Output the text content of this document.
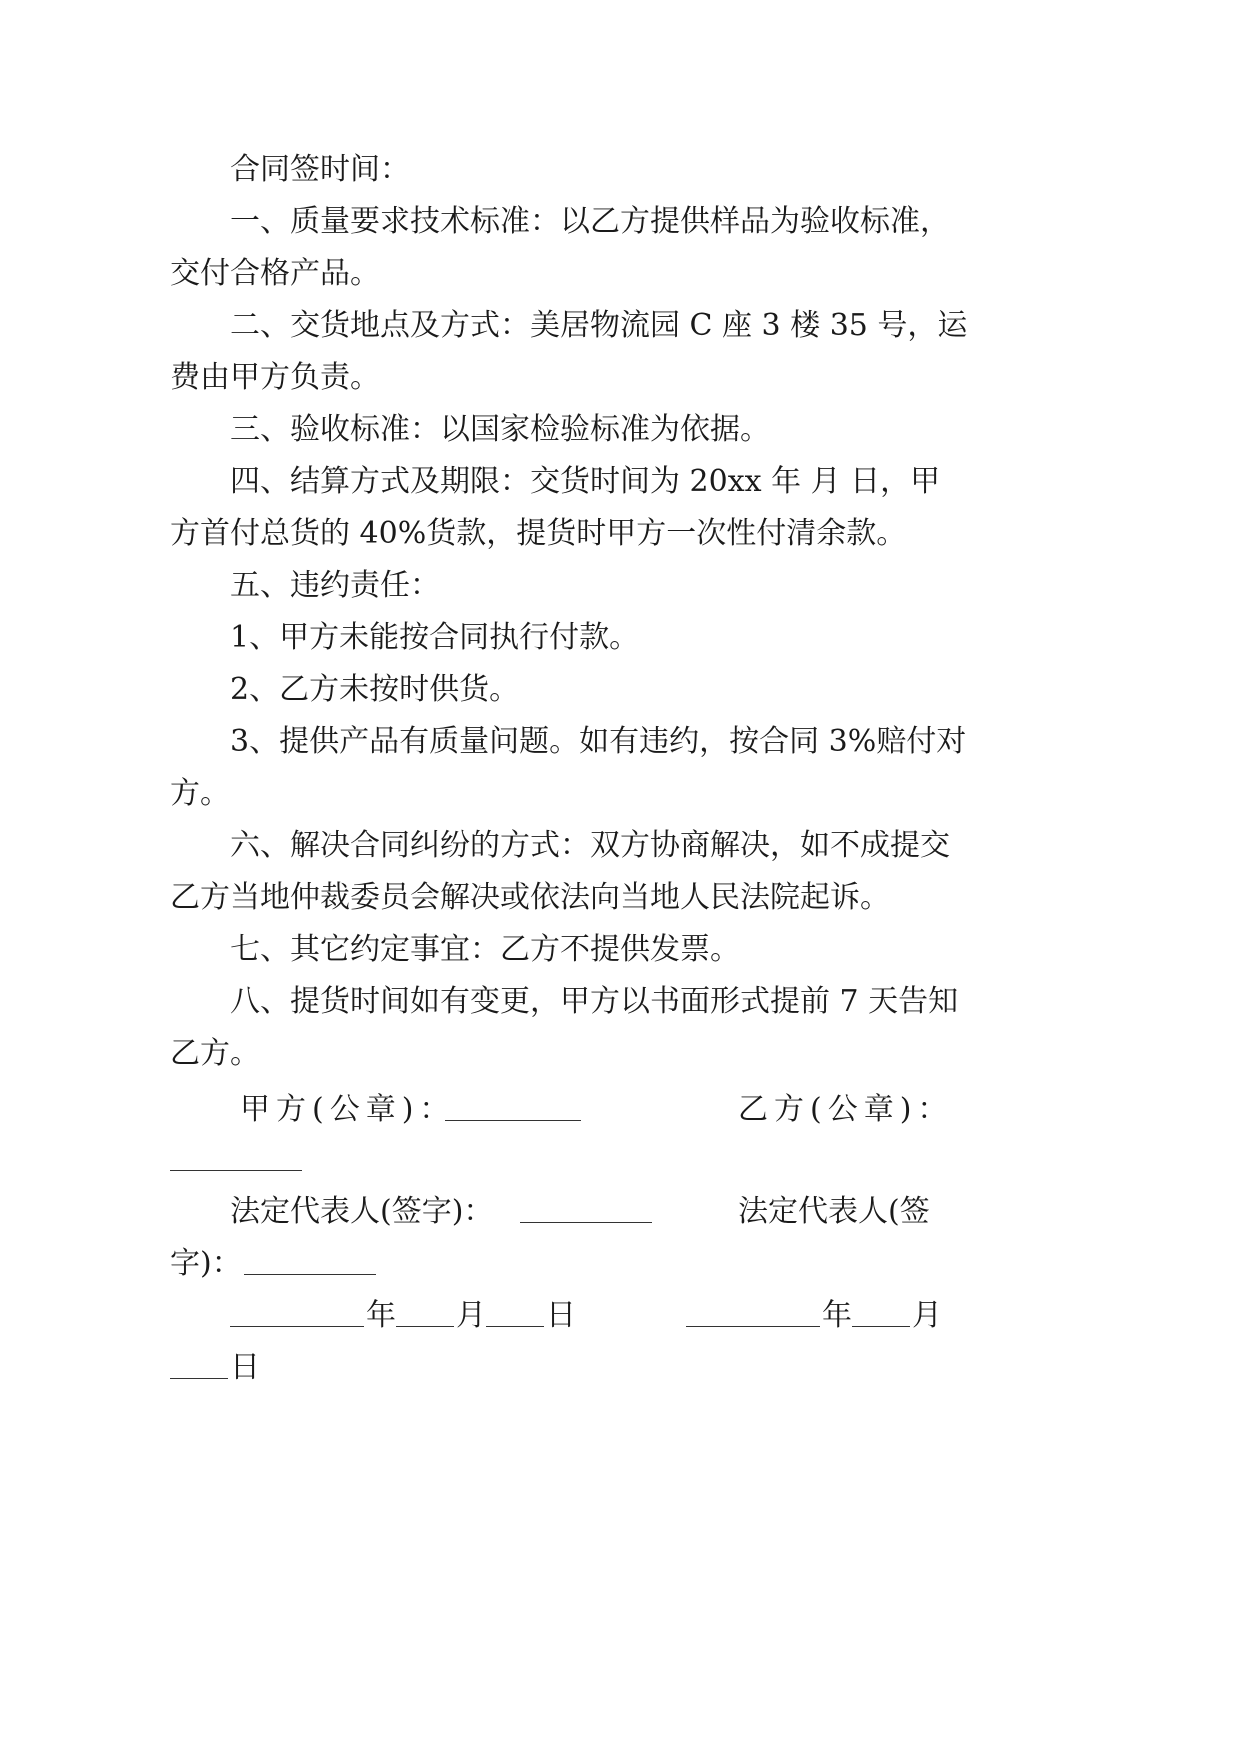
合同签时间：
一、质量要求技术标准：以乙方提供样品为验收标准，
交付合格产品。
二、交货地点及方式：美居物流园 C 座 3 楼 35 号，运
费由甲方负责。
三、验收标准：以国家检验标准为依据。
四、结算方式及期限：交货时间为 20xx 年 月 日，甲
方首付总货的 40%货款，提货时甲方一次性付清余款。
五、违约责任：
1、甲方未能按合同执行付款。
2、乙方未按时供货。
3、提供产品有质量问题。如有违约，按合同 3%赔付对
方。
六、解决合同纠纷的方式：双方协商解决，如不成提交
乙方当地仲裁委员会解决或依法向当地人民法院起诉。
七、其它约定事宜：乙方不提供发票。
八、提货时间如有变更，甲方以书面形式提前 7 天告知
乙方。
甲方(公章)：	乙方(公章)：
法定代表人(签字)：	法定代表人(签
字)：
年 月 日	年 月
日
